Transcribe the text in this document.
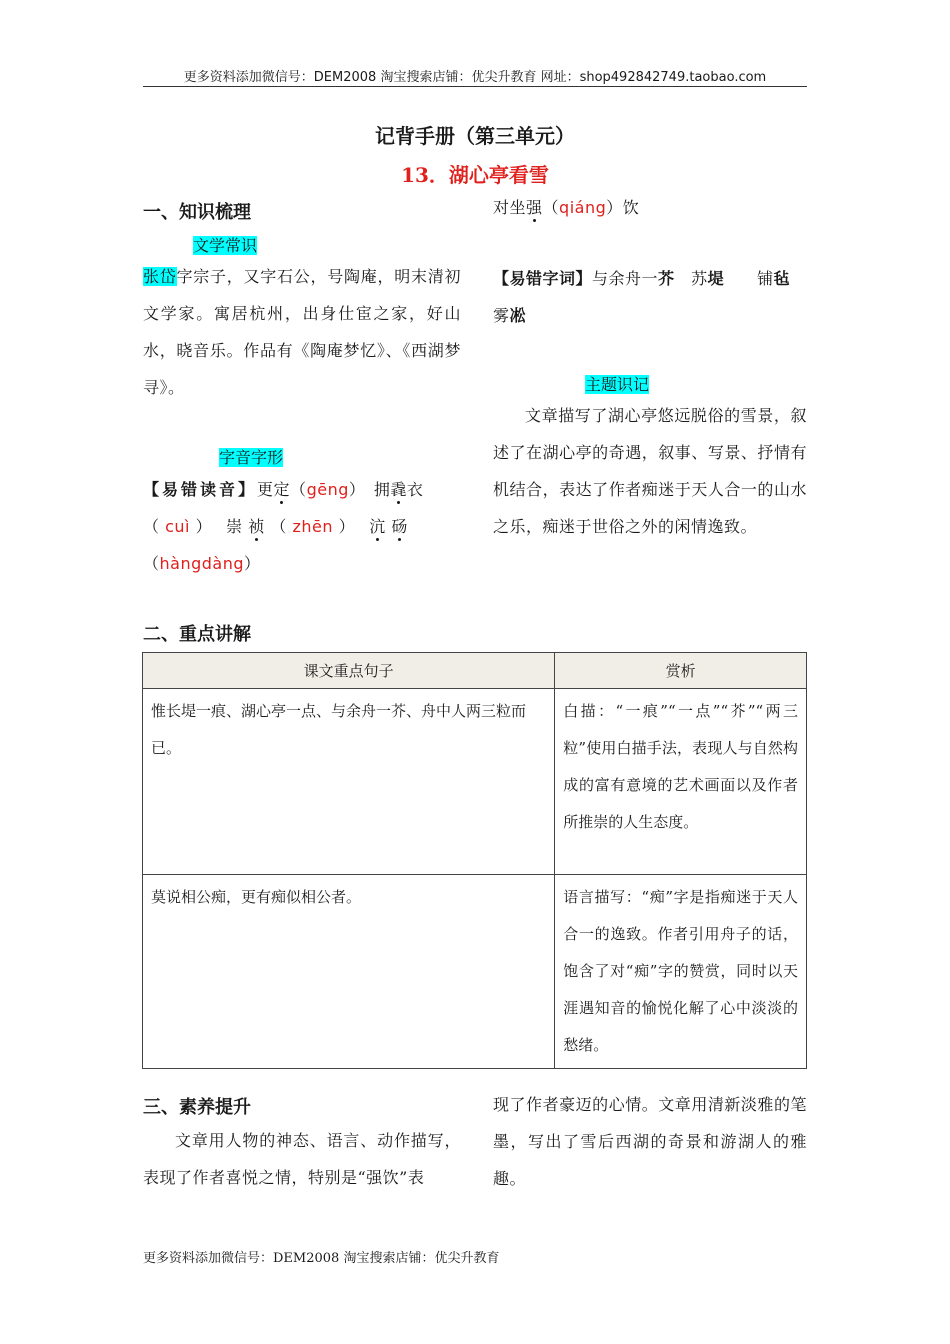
更多资料添加微信号：DEM2008 淘宝搜索店铺：优尖升教育 网址：shop492842749.taobao.com
记背手册（第三单元）
13．湖心亭看雪
一、知识梳理
文学常识
张岱字宗子，又字石公，号陶庵，明末清初文学家。寓居杭州，出身仕宦之家，好山水，晓音乐。作品有《陶庵梦忆》、《西湖梦寻》。
字音字形
【易错读音】更定（gēng）　拥毳衣
（ cuì ）　 崇 祯 （ zhēn ）　 沆 砀
（hàngdàng）
对坐强（qiáng）饮
【易错字词】与余舟一芥　 苏堤　　 铺毡
雾凇
主题识记
文章描写了湖心亭悠远脱俗的雪景，叙述了在湖心亭的奇遇，叙事、写景、抒情有机结合，表达了作者痴迷于天人合一的山水之乐，痴迷于世俗之外的闲情逸致。
二、重点讲解
课文重点句子	赏析
惟长堤一痕、湖心亭一点、与余舟一芥、舟中人两三粒而已。	白描：“一痕”“一点”“芥”“两三粒”使用白描手法，表现人与自然构成的富有意境的艺术画面以及作者所推崇的人生态度。
莫说相公痴，更有痴似相公者。	语言描写：“痴”字是指痴迷于天人合一的逸致。作者引用舟子的话，饱含了对“痴”字的赞赏，同时以天涯遇知音的愉悦化解了心中淡淡的愁绪。
三、素养提升
文章用人物的神态、语言、动作描写，表现了作者喜悦之情，特别是“强饮”表
现了作者豪迈的心情。文章用清新淡雅的笔墨，写出了雪后西湖的奇景和游湖人的雅趣。
更多资料添加微信号：DEM2008 淘宝搜索店铺：优尖升教育
